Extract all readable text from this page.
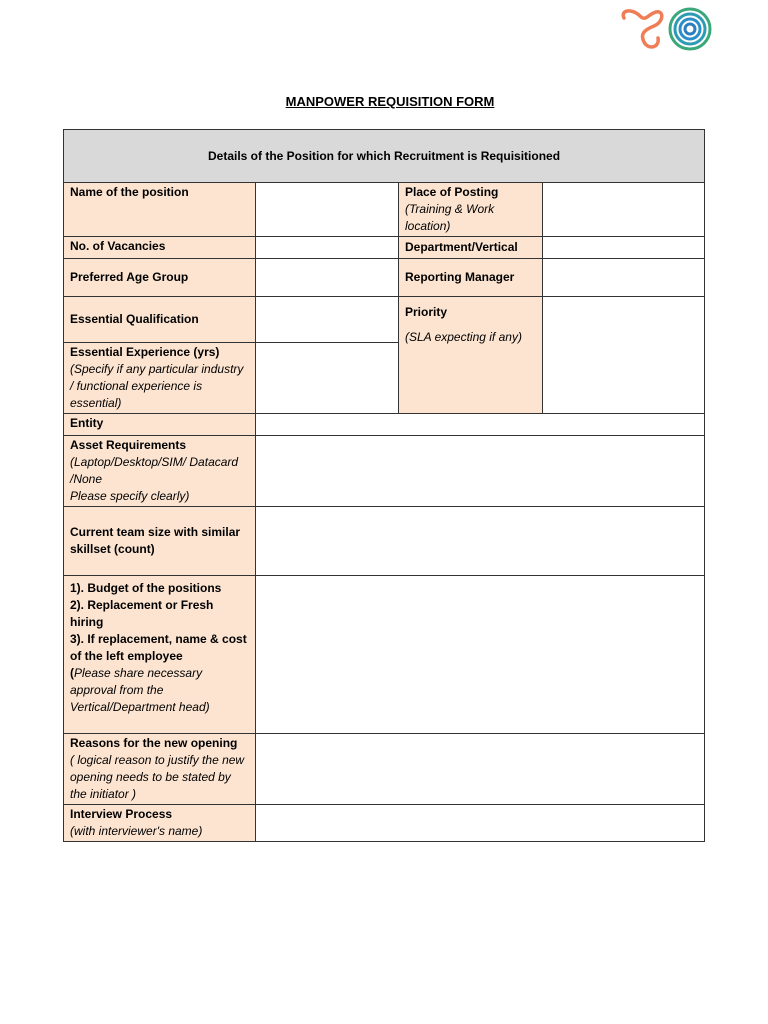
MANPOWER REQUISITION FORM
Details of the Position for which Recruitment is Requisitioned			

Name of the position		Place of Posting
(Training & Work location)	

No. of Vacancies		Department/Vertical	

Preferred Age Group		Reporting Manager	

Essential Qualification		Priority
(SLA expecting if any)	

Essential Experience (yrs)
(Specify if any particular industry / functional experience is essential)			

Entity			

Asset Requirements
(Laptop/Desktop/SIM/ Datacard /None
Please specify clearly)			

Current team size with similar skillset (count)			

1). Budget of the positions
2). Replacement or Fresh hiring
3). If replacement, name & cost of the left employee
(Please share necessary approval from the Vertical/Department head)			

Reasons for the new opening
( logical reason to justify the new opening needs to be stated by the initiator )			

Interview Process
(with interviewer's name)			
